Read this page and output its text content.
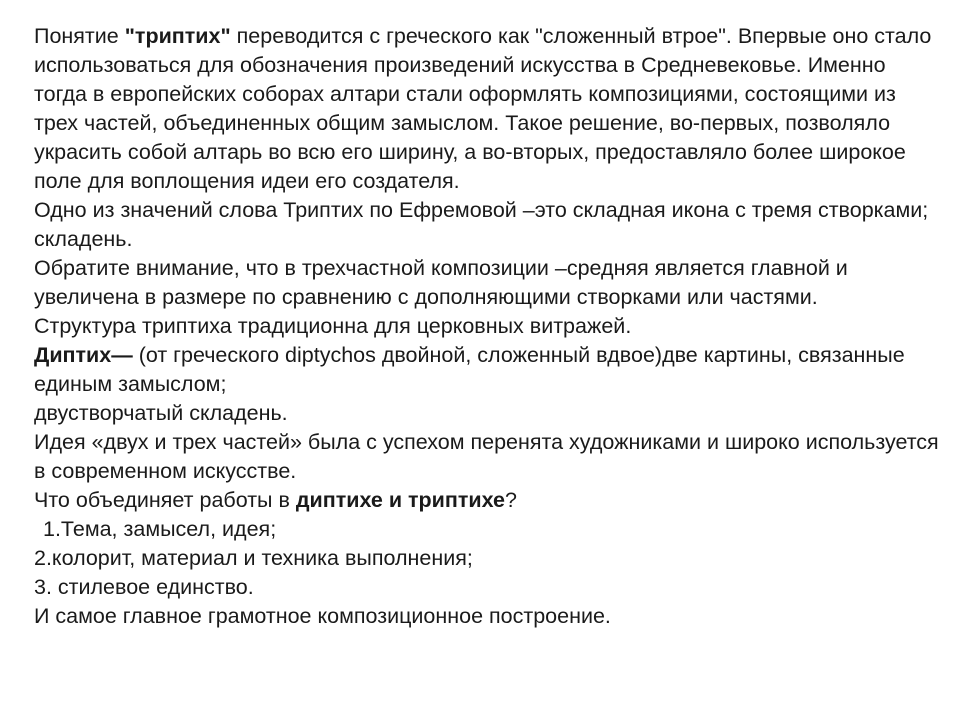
Понятие "триптих" переводится с греческого как "сложенный втрое". Впервые оно стало использоваться для обозначения произведений искусства в Средневековье. Именно тогда в европейских соборах алтари стали оформлять композициями, состоящими из трех частей, объединенных общим замыслом. Такое решение, во-первых, позволяло украсить собой алтарь во всю его ширину, а во-вторых, предоставляло более широкое поле для воплощения идеи его создателя.
Одно из значений слова Триптих по Ефремовой –это складная икона с тремя створками; складень.
Обратите внимание, что в трехчастной композиции –средняя является главной и увеличена в размере по сравнению с дополняющими створками или частями.
Структура триптиха традиционна для церковных витражей.
Диптих— (от греческого diptychos двойной, сложенный вдвое)две картины, связанные единым замыслом;
двустворчатый складень.
Идея «двух и трех частей» была с успехом перенята художниками и широко используется в современном искусстве.
Что объединяет работы в диптихе и триптихе?
1.Тема, замысел, идея;
2.колорит, материал и техника выполнения;
3. стилевое единство.
И самое главное грамотное композиционное построение.
